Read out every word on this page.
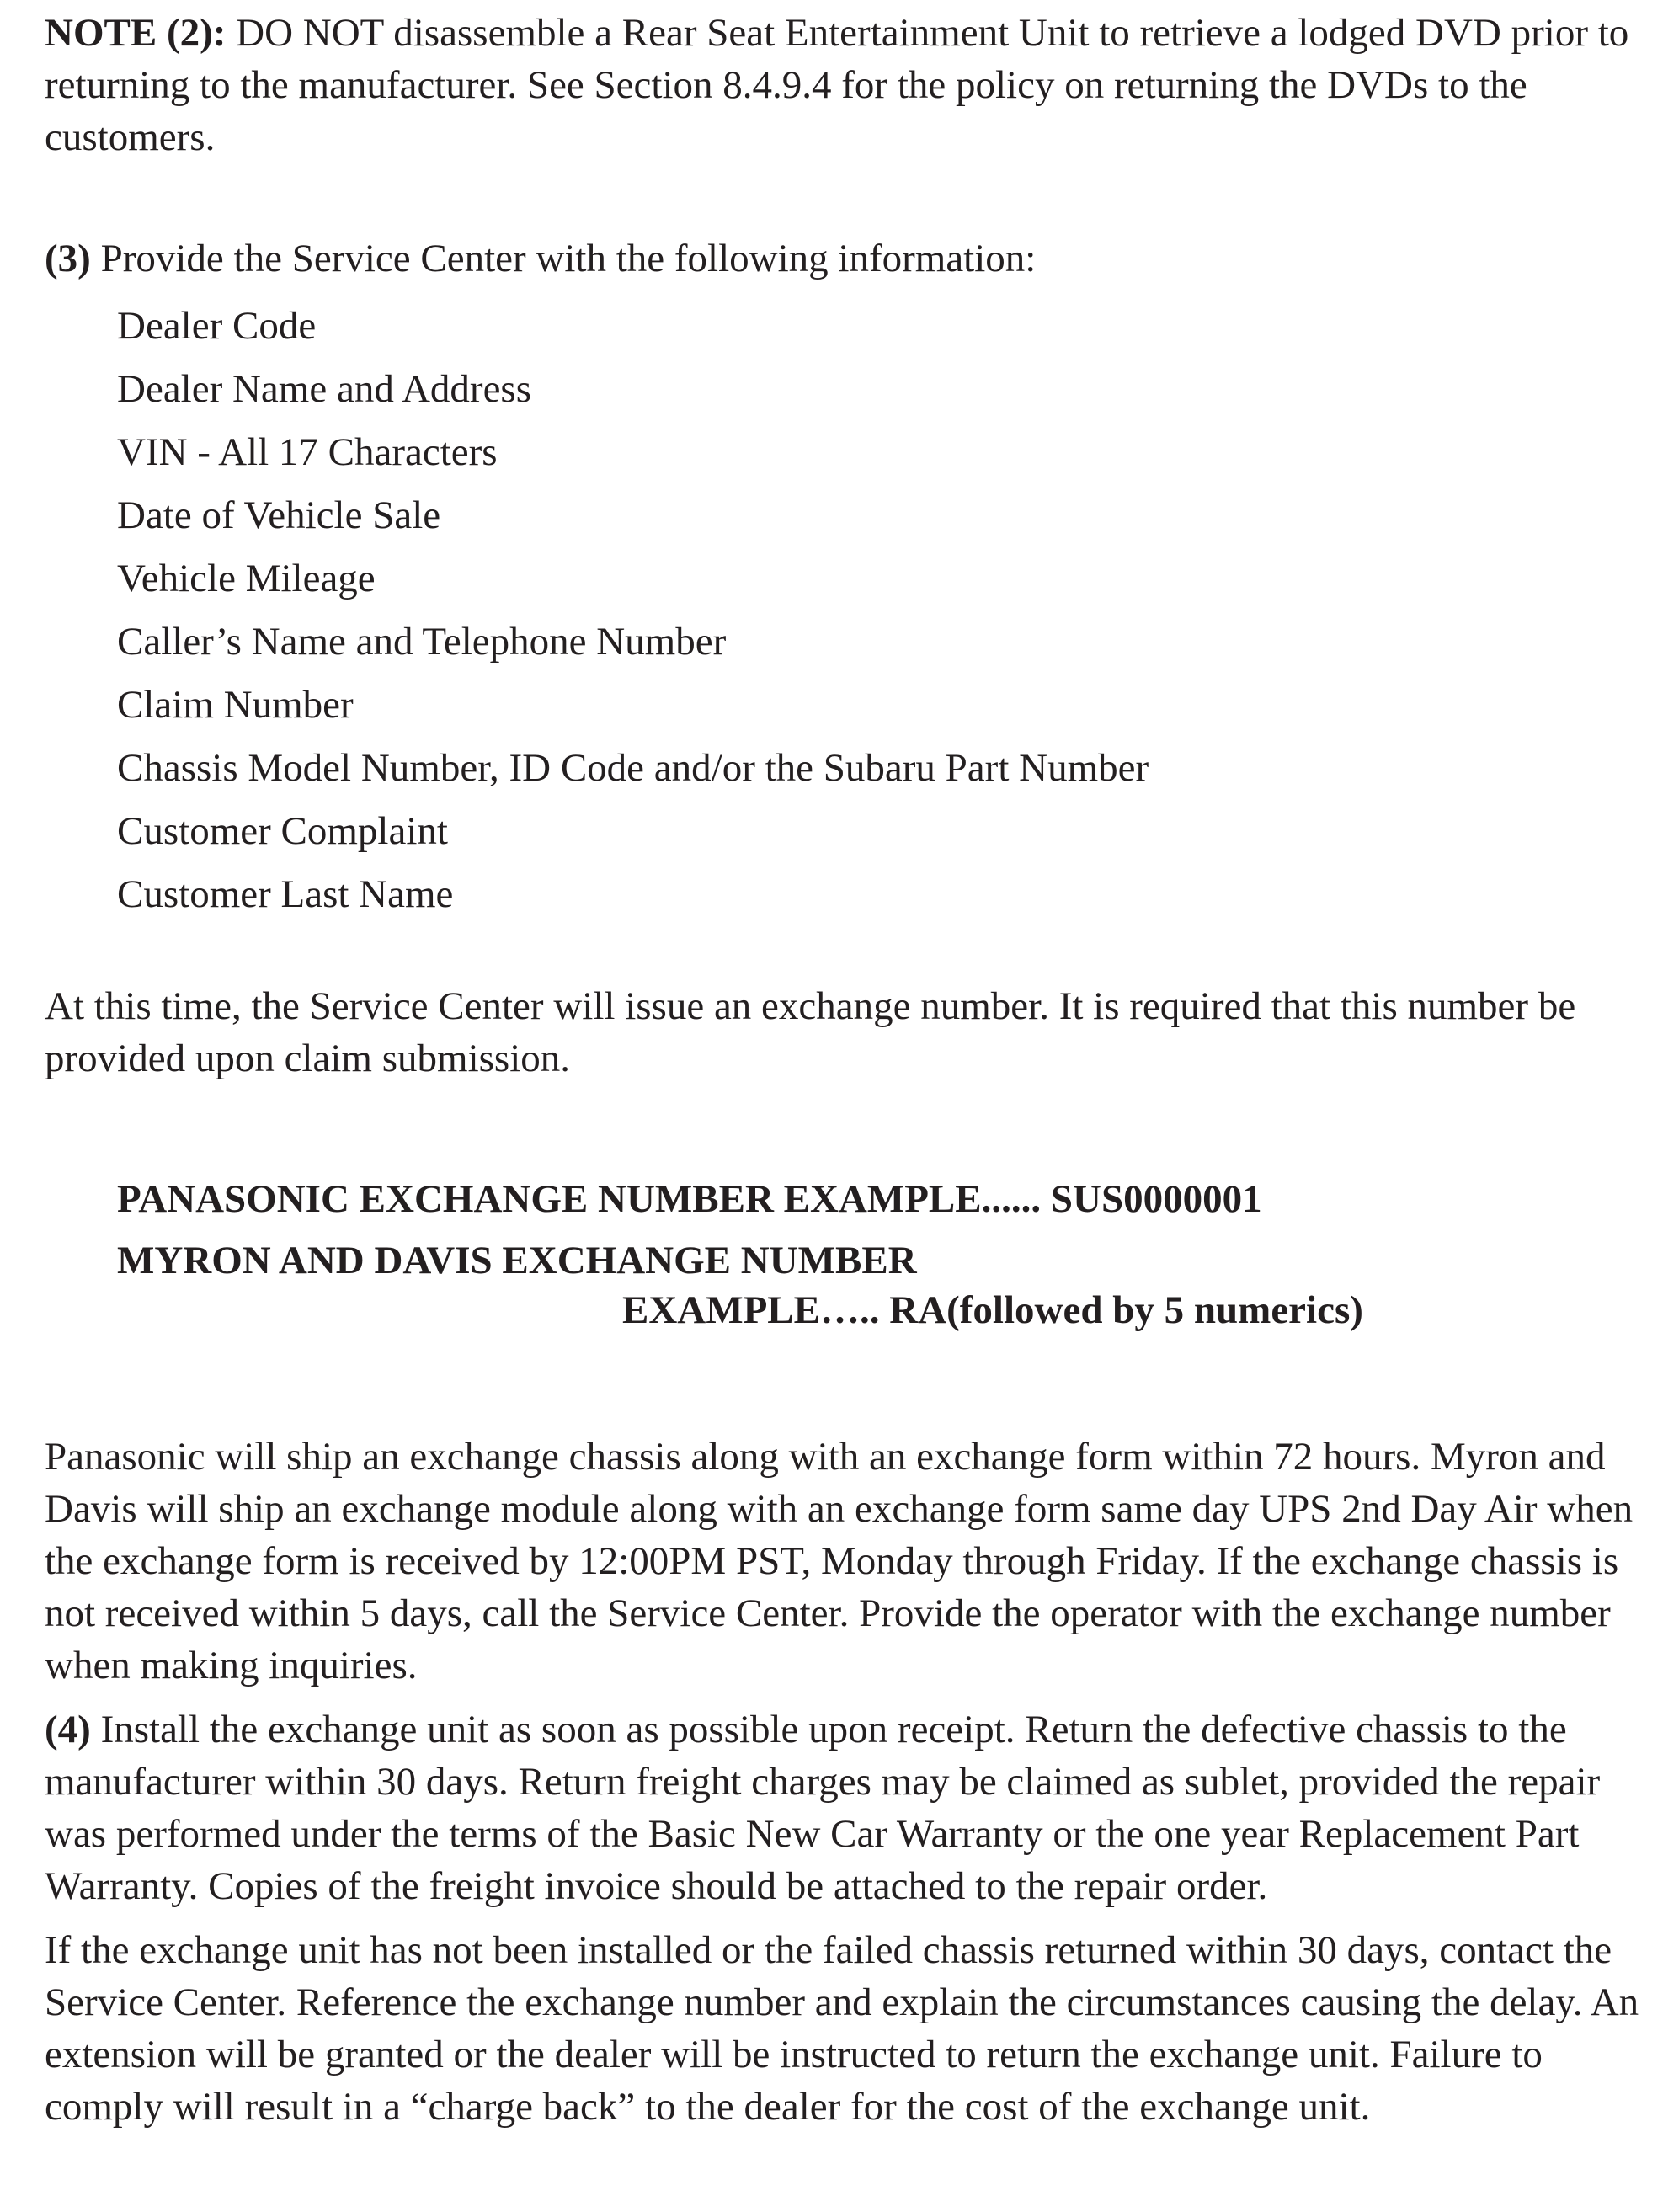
NOTE (2): DO NOT disassemble a Rear Seat Entertainment Unit to retrieve a lodged DVD prior to returning to the manufacturer. See Section 8.4.9.4 for the policy on returning the DVDs to the customers.

(3) Provide the Service Center with the following information:

Dealer Code
Dealer Name and Address
VIN - All 17 Characters
Date of Vehicle Sale
Vehicle Mileage
Caller’s Name and Telephone Number
Claim Number
Chassis Model Number, ID Code and/or the Subaru Part Number
Customer Complaint
Customer Last Name

At this time, the Service Center will issue an exchange number. It is required that this number be provided upon claim submission.

PANASONIC EXCHANGE NUMBER EXAMPLE...... SUS0000001
MYRON AND DAVIS EXCHANGE NUMBER
EXAMPLE….. RA(followed by 5 numerics)

Panasonic will ship an exchange chassis along with an exchange form within 72 hours. Myron and Davis will ship an exchange module along with an exchange form same day UPS 2nd Day Air when the exchange form is received by 12:00PM PST, Monday through Friday. If the exchange chassis is not received within 5 days, call the Service Center. Provide the operator with the exchange number when making inquiries.

(4) Install the exchange unit as soon as possible upon receipt. Return the defective chassis to the manufacturer within 30 days. Return freight charges may be claimed as sublet, provided the repair was performed under the terms of the Basic New Car Warranty or the one year Replacement Part Warranty. Copies of the freight invoice should be attached to the repair order.

If the exchange unit has not been installed or the failed chassis returned within 30 days, contact the Service Center. Reference the exchange number and explain the circumstances causing the delay. An extension will be granted or the dealer will be instructed to return the exchange unit. Failure to comply will result in a “charge back” to the dealer for the cost of the exchange unit.
